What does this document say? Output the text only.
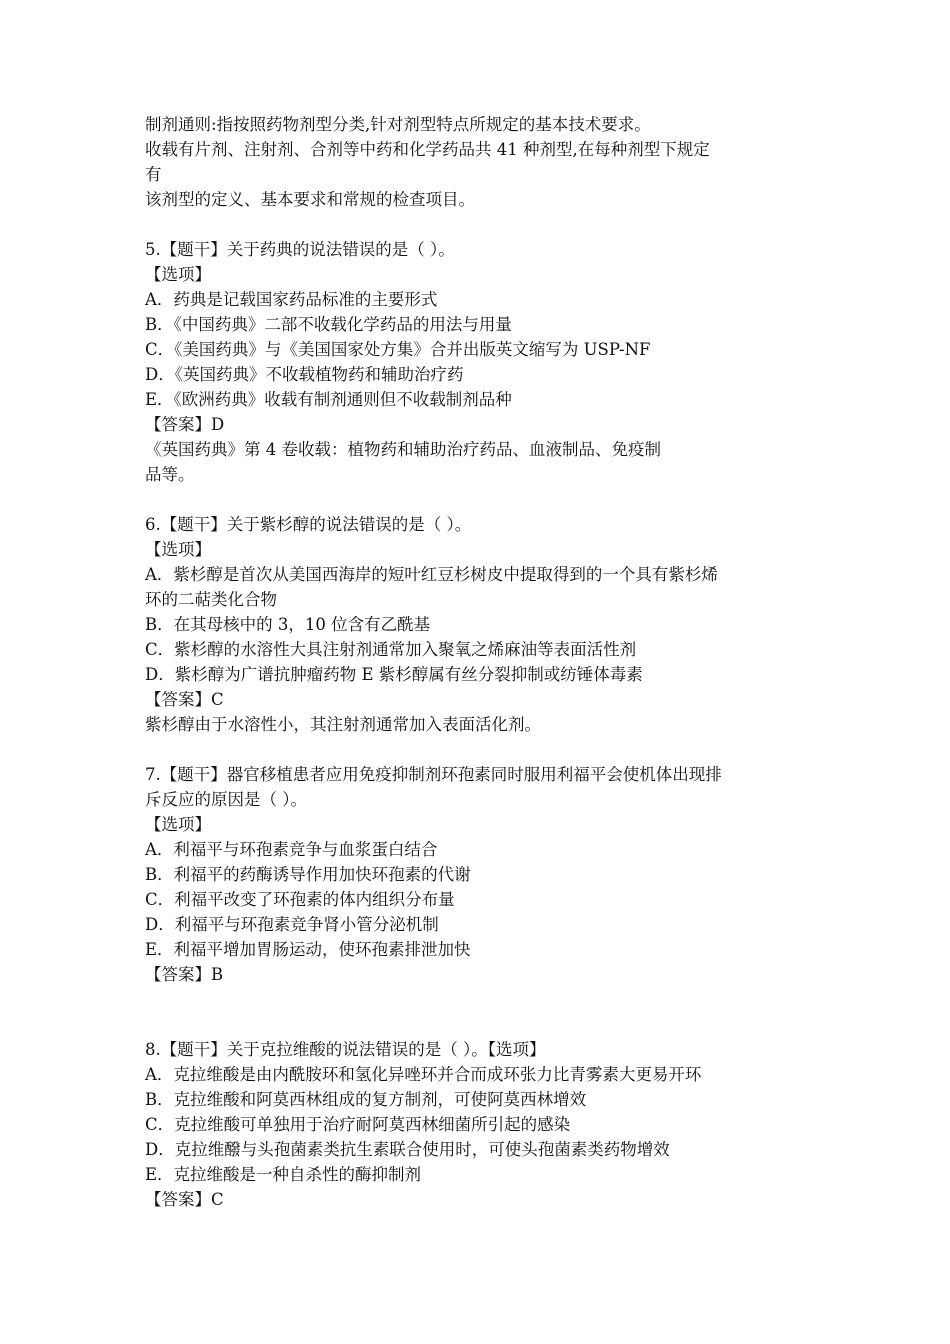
制剂通则:指按照药物剂型分类,针对剂型特点所规定的基本技术要求。
收载有片剂、注射剂、合剂等中药和化学药品共 41 种剂型,在每种剂型下规定
有
该剂型的定义、基本要求和常规的检查项目。
5.【题干】关于药典的说法错误的是（ ）。
【选项】
A．药典是记载国家药品标准的主要形式
B．《中国药典》二部不收载化学药品的用法与用量
C．《美国药典》与《美国国家处方集》合并出版英文缩写为 USP-NF
D．《英国药典》不收载植物药和辅助治疗药
E．《欧洲药典》收载有制剂通则但不收载制剂品种
【答案】D
《英国药典》第 4 卷收载：植物药和辅助治疗药品、血液制品、免疫制
品等。
6.【题干】关于紫杉醇的说法错误的是（ ）。
【选项】
A．紫杉醇是首次从美国西海岸的短叶红豆杉树皮中提取得到的一个具有紫杉烯
环的二萜类化合物
B．在其母核中的 3，10 位含有乙酰基
C．紫杉醇的水溶性大具注射剂通常加入聚氧之烯麻油等表面活性剂
D．紫杉醇为广谱抗肿瘤药物 E 紫杉醇属有丝分裂抑制或纺锤体毒素
【答案】C
紫杉醇由于水溶性小，其注射剂通常加入表面活化剂。
7.【题干】器官移植患者应用免疫抑制剂环孢素同时服用利福平会使机体出现排
斥反应的原因是（ ）。
【选项】
A．利福平与环孢素竞争与血浆蛋白结合
B．利福平的药酶诱导作用加快环孢素的代谢
C．利福平改变了环孢素的体内组织分布量
D．利福平与环孢素竞争肾小管分泌机制
E．利福平增加胃肠运动，使环孢素排泄加快
【答案】B
8.【题干】关于克拉维酸的说法错误的是（ ）。【选项】
A．克拉维酸是由内酰胺环和氢化异唑环并合而成环张力比青雾素大更易开环
B．克拉维酸和阿莫西林组成的复方制剂，可使阿莫西林增效
C．克拉维酸可单独用于治疗耐阿莫西林细菌所引起的感染
D．克拉维醱与头孢菌素类抗生素联合使用时，可使头孢菌素类药物增效
E．克拉维酸是一种自杀性的酶抑制剂
【答案】C
